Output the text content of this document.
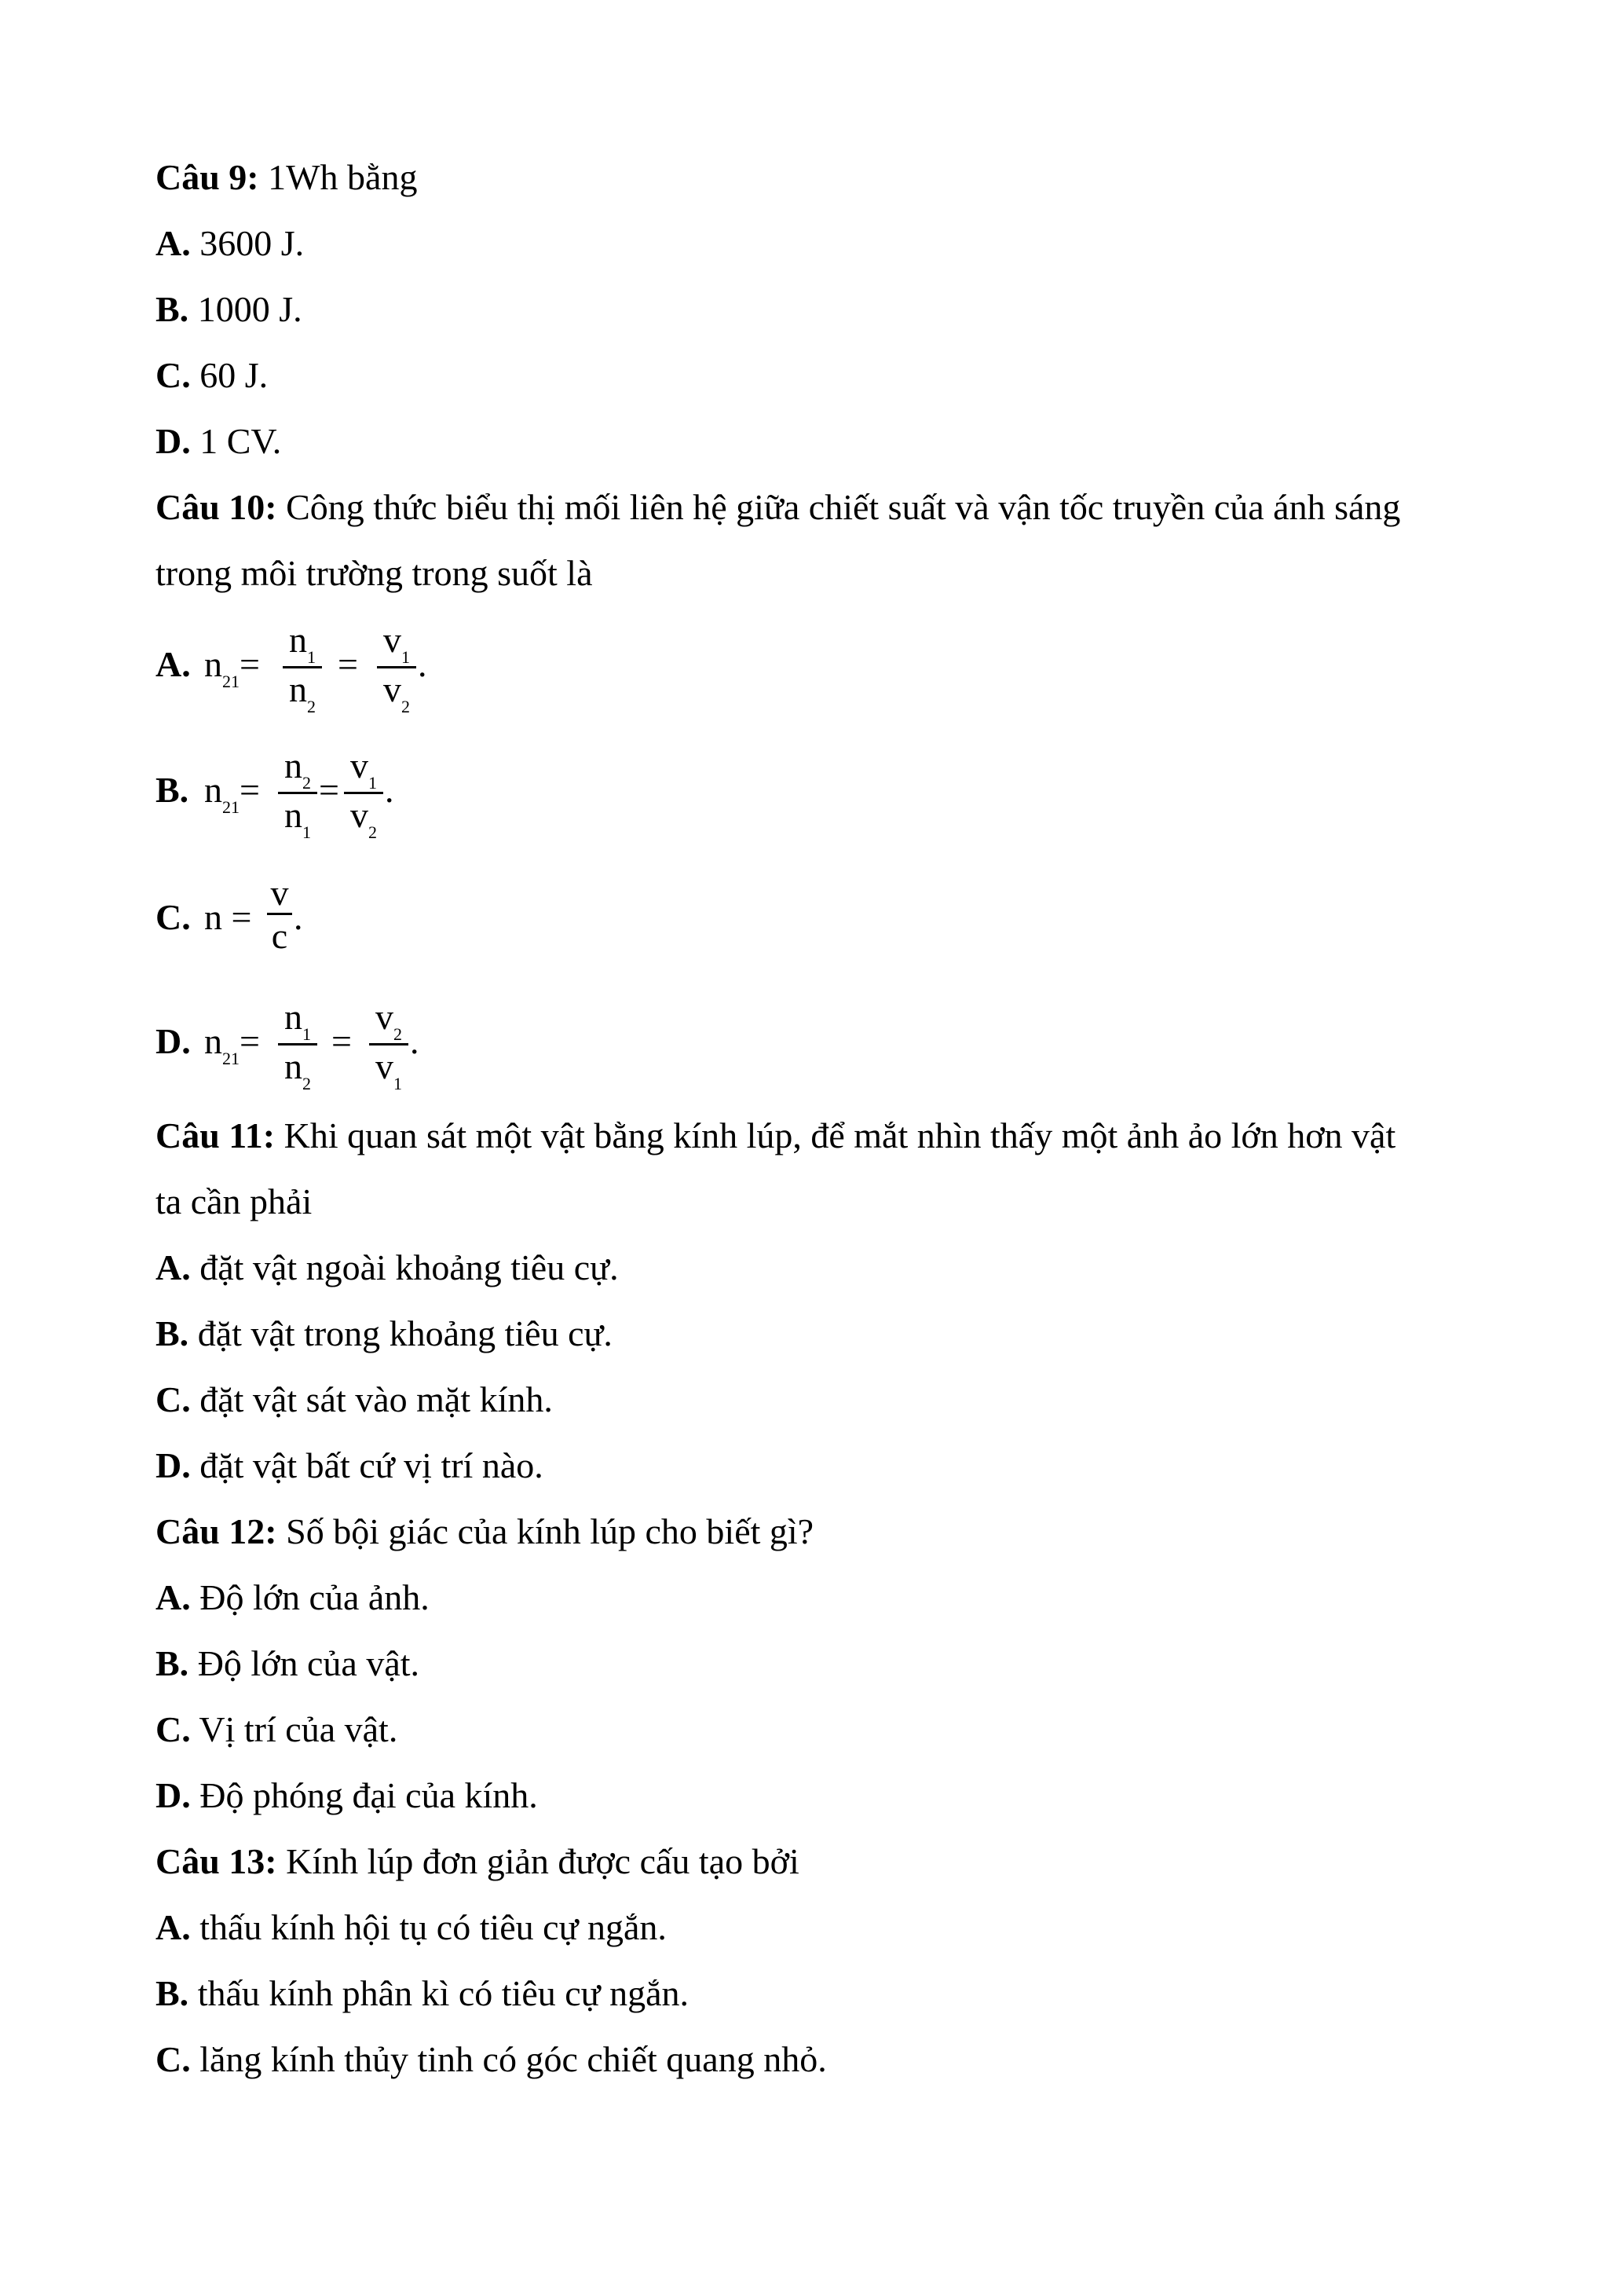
Câu 9: 1Wh bằng
A. 3600 J.
B. 1000 J.
C. 60 J.
D. 1 CV.
Câu 10: Công thức biểu thị mối liên hệ giữa chiết suất và vận tốc truyền của ánh sáng
trong môi trường trong suốt là
A. $n_{21}=$
$n_1$
$n_2$
=
$v_1$
$v_2$
.
B. $n_{21}=$
$n_2$
$n_1$
=
$v_1$
$v_2$
.
C. n =
v
c .
D. $n_{21}=$
$n_1$
$n_2$
=
$v_2$
$v_1$
.
Câu 11: Khi quan sát một vật bằng kính lúp, để mắt nhìn thấy một ảnh ảo lớn hơn vật
ta cần phải
A. đặt vật ngoài khoảng tiêu cự.
B. đặt vật trong khoảng tiêu cự.
C. đặt vật sát vào mặt kính.
D. đặt vật bất cứ vị trí nào.
Câu 12: Số bội giác của kính lúp cho biết gì?
A. Độ lớn của ảnh.
B. Độ lớn của vật.
C. Vị trí của vật.
D. Độ phóng đại của kính.
Câu 13: Kính lúp đơn giản được cấu tạo bởi
A. thấu kính hội tụ có tiêu cự ngắn.
B. thấu kính phân kì có tiêu cự ngắn.
C. lăng kính thủy tinh có góc chiết quang nhỏ.
